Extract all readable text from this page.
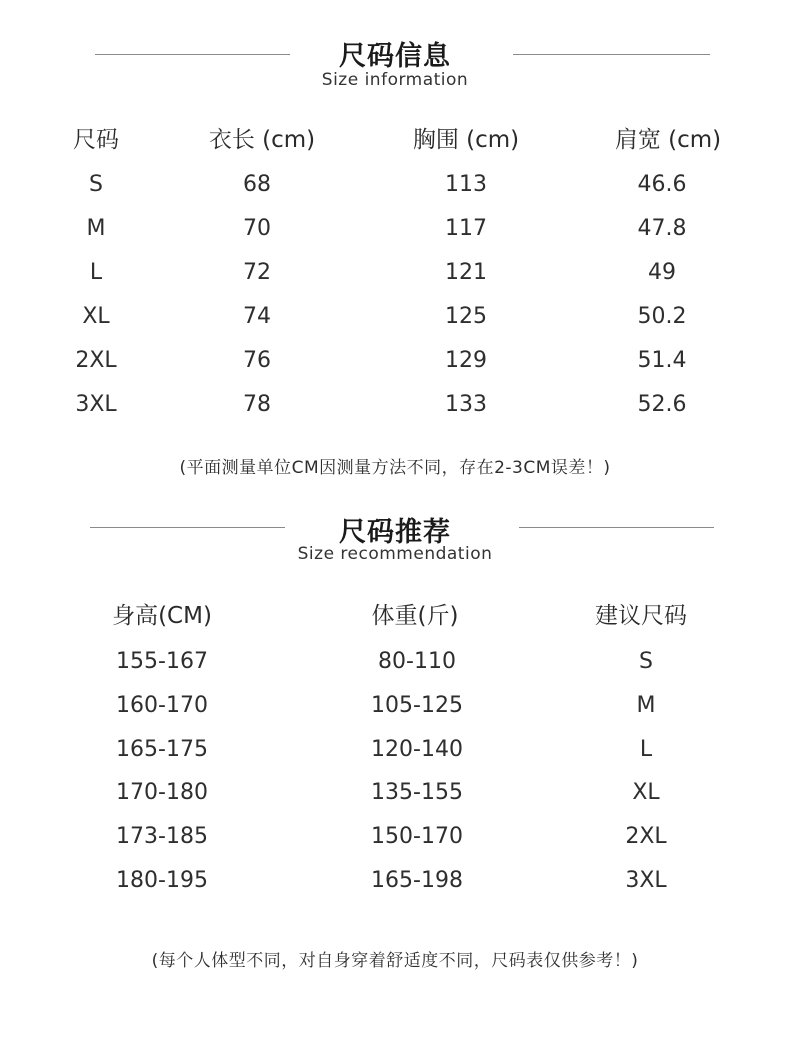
尺码信息
Size information
尺码	衣长 (cm)	胸围 (cm)	肩宽 (cm)
S	68	113	46.6
M	70	117	47.8
L	72	121	49
XL	74	125	50.2
2XL	76	129	51.4
3XL	78	133	52.6
(平面测量单位CM因测量方法不同，存在2-3CM误差！)
尺码推荐
Size recommendation
身高(CM)	体重(斤)	建议尺码
155-167	80-110	S
160-170	105-125	M
165-175	120-140	L
170-180	135-155	XL
173-185	150-170	2XL
180-195	165-198	3XL
(每个人体型不同，对自身穿着舒适度不同，尺码表仅供参考！)
